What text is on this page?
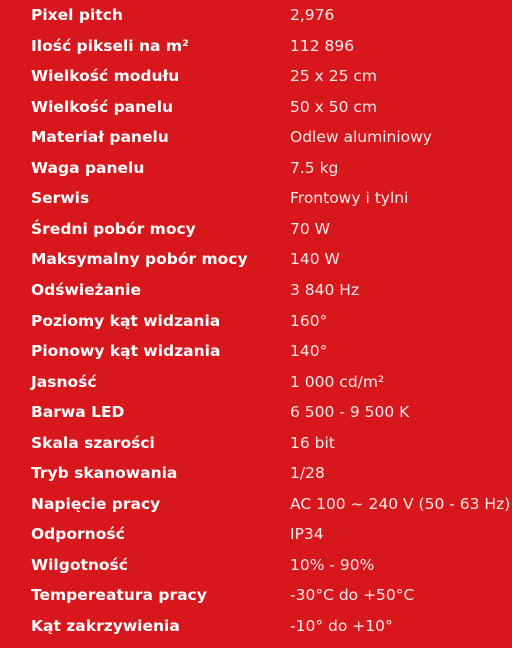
Pixel pitch	2,976
Ilość pikseli na m²	112 896
Wielkość modułu	25 x 25 cm
Wielkość panelu	50 x 50 cm
Materiał panelu	Odlew aluminiowy
Waga panelu	7.5 kg
Serwis	Frontowy i tylni
Średni pobór mocy	70 W
Maksymalny pobór mocy	140 W
Odświeżanie	3 840 Hz
Poziomy kąt widzania	160°
Pionowy kąt widzania	140°
Jasność	1 000 cd/m²
Barwa LED	6 500 - 9 500 K
Skala szarości	16 bit
Tryb skanowania	1/28
Napięcie pracy	AC 100 ~ 240 V (50 - 63 Hz)
Odporność	IP34
Wilgotność	10% - 90%
Tempereatura pracy	-30°C do +50°C
Kąt zakrzywienia	-10° do +10°
